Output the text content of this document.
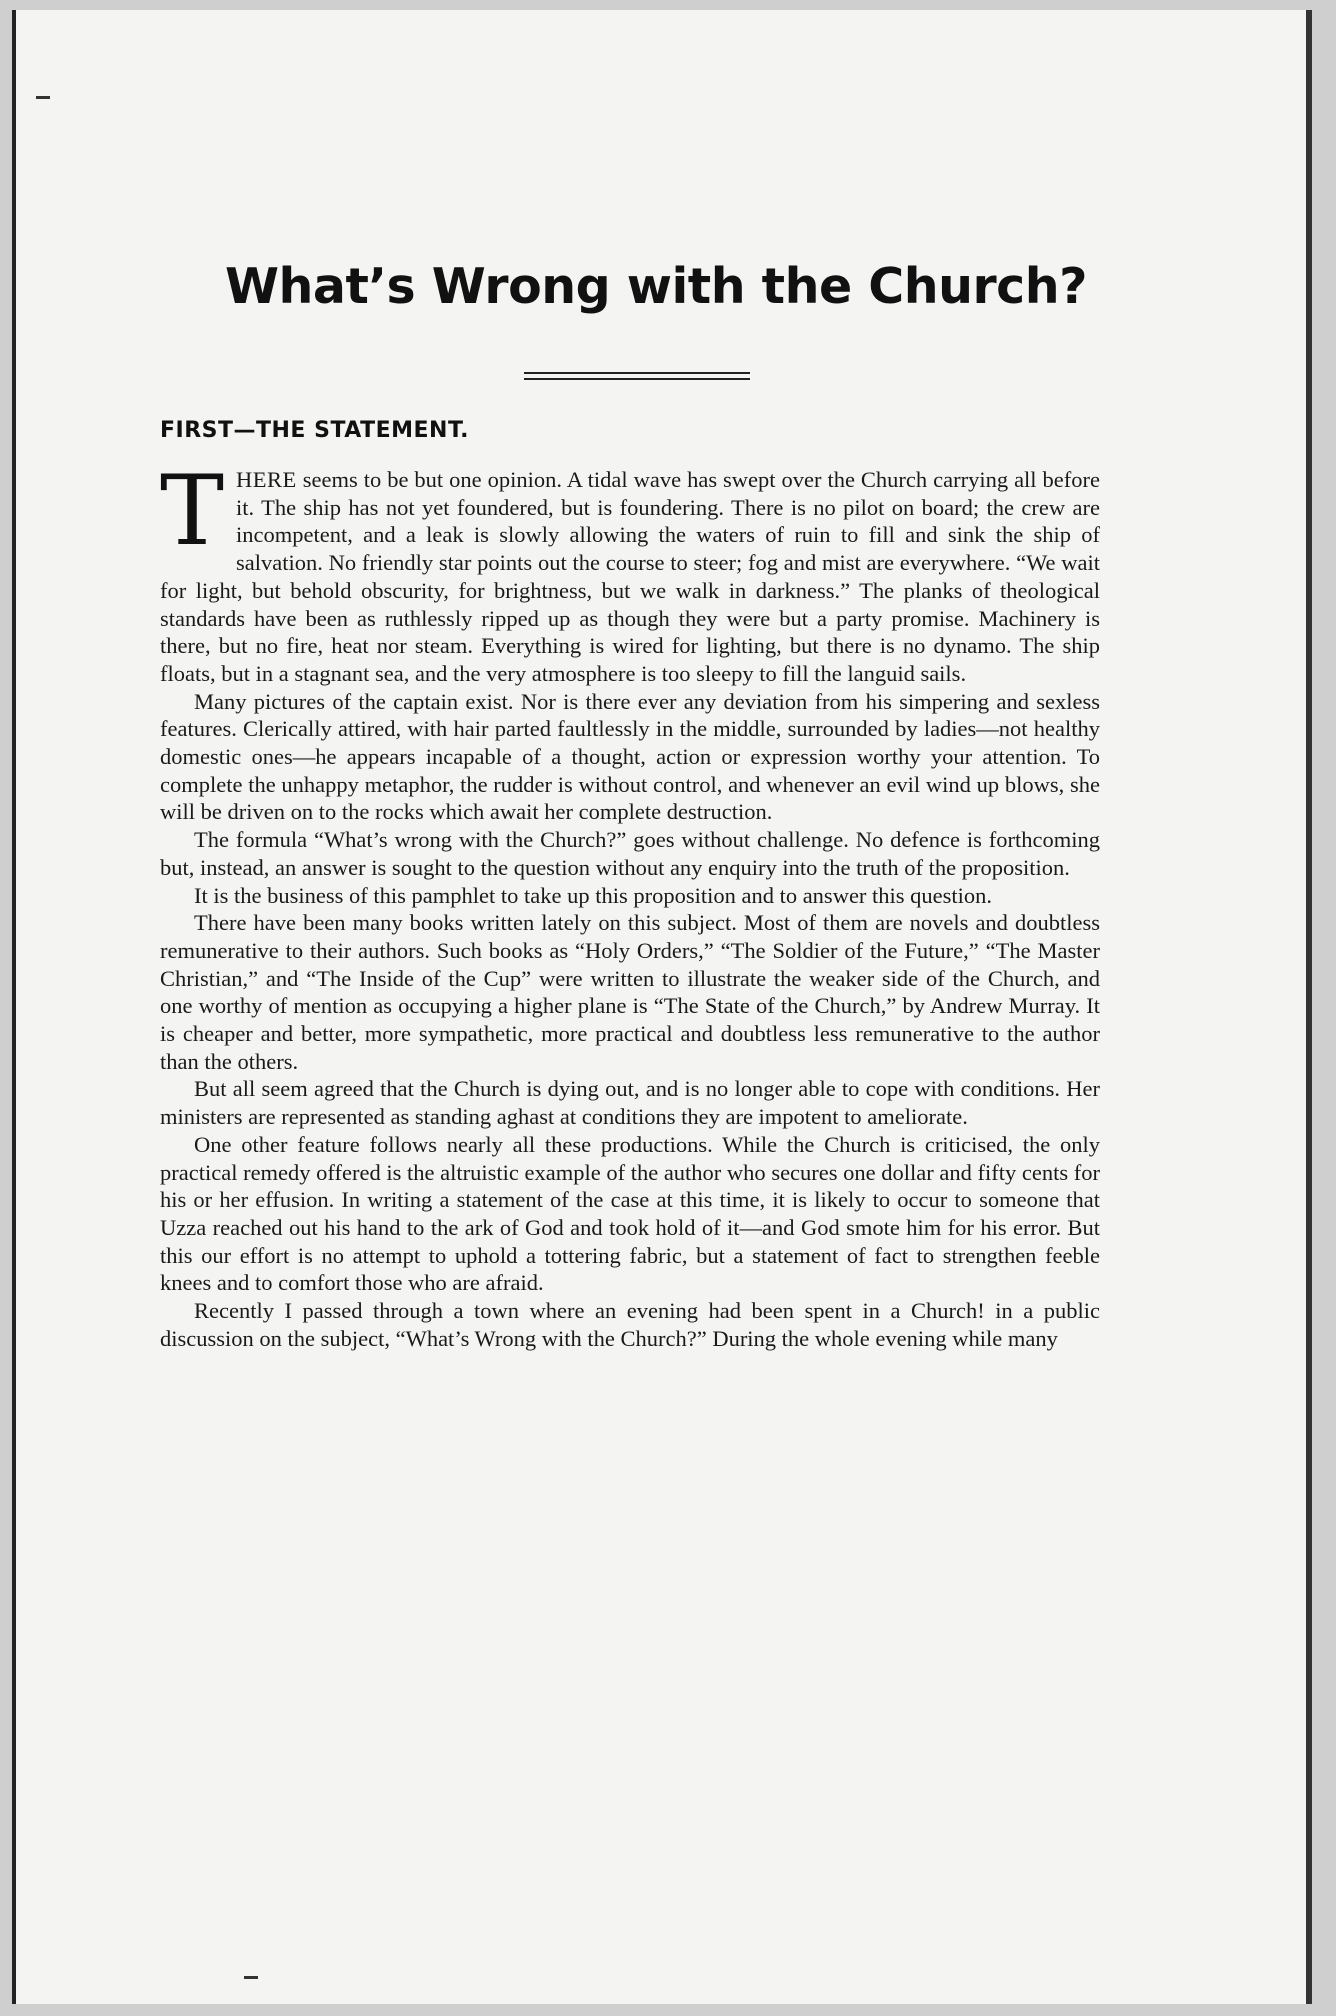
What’s Wrong with the Church?
FIRST—THE STATEMENT.

THERE seems to be but one opinion. A tidal wave has swept over the Church carrying all before it. The ship has not yet foundered, but is foundering. There is no pilot on board; the crew are incompetent, and a leak is slowly allowing the waters of ruin to fill and sink the ship of salvation. No friendly star points out the course to steer; fog and mist are everywhere. “We wait for light, but behold obscurity, for brightness, but we walk in darkness.” The planks of theological standards have been as ruthlessly ripped up as though they were but a party promise. Machinery is there, but no fire, heat nor steam. Everything is wired for lighting, but there is no dynamo. The ship floats, but in a stagnant sea, and the very atmosphere is too sleepy to fill the languid sails.

Many pictures of the captain exist. Nor is there ever any deviation from his simpering and sexless features. Clerically attired, with hair parted faultlessly in the middle, surrounded by ladies—not healthy domestic ones—he appears incapable of a thought, action or expression worthy your attention. To complete the unhappy metaphor, the rudder is without control, and whenever an evil wind up blows, she will be driven on to the rocks which await her complete destruction.

The formula “What’s wrong with the Church?” goes without challenge. No defence is forthcoming but, instead, an answer is sought to the question without any enquiry into the truth of the proposition.

It is the business of this pamphlet to take up this proposition and to answer this question.

There have been many books written lately on this subject. Most of them are novels and doubtless remunerative to their authors. Such books as “Holy Orders,” “The Soldier of the Future,” “The Master Christian,” and “The Inside of the Cup” were written to illustrate the weaker side of the Church, and one worthy of mention as occupying a higher plane is “The State of the Church,” by Andrew Murray. It is cheaper and better, more sympathetic, more practical and doubtless less remunerative to the author than the others.

But all seem agreed that the Church is dying out, and is no longer able to cope with conditions. Her ministers are represented as standing aghast at conditions they are impotent to ameliorate.

One other feature follows nearly all these productions. While the Church is criticised, the only practical remedy offered is the altruistic example of the author who secures one dollar and fifty cents for his or her effusion. In writing a statement of the case at this time, it is likely to occur to someone that Uzza reached out his hand to the ark of God and took hold of it—and God smote him for his error. But this our effort is no attempt to uphold a tottering fabric, but a statement of fact to strengthen feeble knees and to comfort those who are afraid.

Recently I passed through a town where an evening had been spent in a Church! in a public discussion on the subject, “What’s Wrong with the Church?” During the whole evening while many
